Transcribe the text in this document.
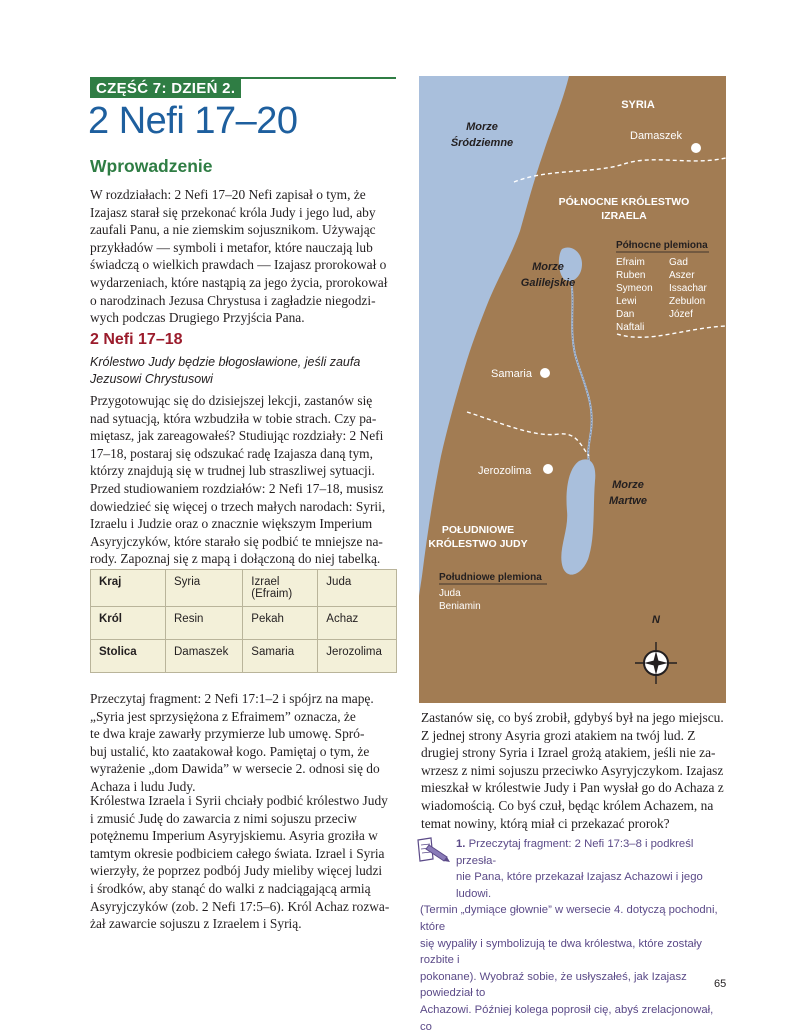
CZĘŚĆ 7: DZIEŃ 2.
2 Nefi 17–20
Wprowadzenie

W rozdziałach: 2 Nefi 17–20 Nefi zapisał o tym, że
Izajasz starał się przekonać króla Judy i jego lud, aby
zaufali Panu, a nie ziemskim sojusznikom. Używając
przykładów — symboli i metafor, które nauczają lub
świadczą o wielkich prawdach — Izajasz prorokował o
wydarzeniach, które nastąpią za jego życia, prorokował
o narodzinach Jezusa Chrystusa i zagładzie niegodzi-
wych podczas Drugiego Przyjścia Pana.

2 Nefi 17–18
Królestwo Judy będzie błogosławione, jeśli zaufa Jezusowi Chrystusowi

Przygotowując się do dzisiejszej lekcji, zastanów się
nad sytuacją, która wzbudziła w tobie strach. Czy pa-
miętasz, jak zareagowałeś? Studiując rozdziały: 2 Nefi
17–18, postaraj się odszukać radę Izajasza daną tym,
którzy znajdują się w trudnej lub straszliwej sytuacji.

Przed studiowaniem rozdziałów: 2 Nefi 17–18, musisz
dowiedzieć się więcej o trzech małych narodach: Syrii,
Izraelu i Judzie oraz o znacznie większym Imperium
Asyryjczyków, które starało się podbić te mniejsze na-
rody. Zapoznaj się z mapą i dołączoną do niej tabelką.

Kraj	Syria	Izrael (Efraim)	Juda
Król	Resin	Pekah	Achaz
Stolica	Damaszek	Samaria	Jerozolima

Przeczytaj fragment: 2 Nefi 17:1–2 i spójrz na mapę.
„Syria jest sprzysiężona z Efraimem” oznacza, że
te dwa kraje zawarły przymierze lub umowę. Spró-
buj ustalić, kto zaatakował kogo. Pamiętaj o tym, że
wyrażenie „dom Dawida” w wersecie 2. odnosi się do
Achaza i ludu Judy.

Królestwa Izraela i Syrii chciały podbić królestwo Judy
i zmusić Judę do zawarcia z nimi sojuszu przeciw
potężnemu Imperium Asyryjskiemu. Asyria groziła w
tamtym okresie podbiciem całego świata. Izrael i Syria
wierzyły, że poprzez podbój Judy mieliby więcej ludzi
i środków, aby stanąć do walki z nadciągającą armią
Asyryjczyków (zob. 2 Nefi 17:5–6). Król Achaz rozwa-
żał zawarcie sojuszu z Izraelem i Syrią.

SYRIA
Morze
Śródziemne
Damaszek
PÓŁNOCNE KRÓLESTWO
IZRAELA
Północne plemiona
Efraim
Ruben
Symeon
Lewi
Dan
Naftali
Gad
Aszer
Issachar
Zebulon
Józef
Morze
Galilejskie
Samaria
Jerozolima
Morze
Martwe
POŁUDNIOWE
KRÓLESTWO JUDY
Południowe plemiona
Juda
Beniamin
N

Zastanów się, co byś zrobił, gdybyś był na jego miejscu.
Z jednej strony Asyria grozi atakiem na twój lud. Z
drugiej strony Syria i Izrael grożą atakiem, jeśli nie za-
wrzesz z nimi sojuszu przeciwko Asyryjczykom. Izajasz
mieszkał w królestwie Judy i Pan wysłał go do Achaza z
wiadomością. Co byś czuł, będąc królem Achazem, na
temat nowiny, którą miał ci przekazać prorok?

1. Przeczytaj fragment: 2 Nefi 17:3–8 i podkreśl przesła-
nie Pana, które przekazał Izajasz Achazowi i jego ludowi.
(Termin „dymiące głownie” w wersecie 4. dotyczą pochodni, które
się wypaliły i symbolizują te dwa królestwa, które zostały rozbite i
pokonane). Wyobraź sobie, że usłyszałeś, jak Izajasz powiedział to
Achazowi. Później kolega poprosił cię, abyś zrelacjonował, co
65
